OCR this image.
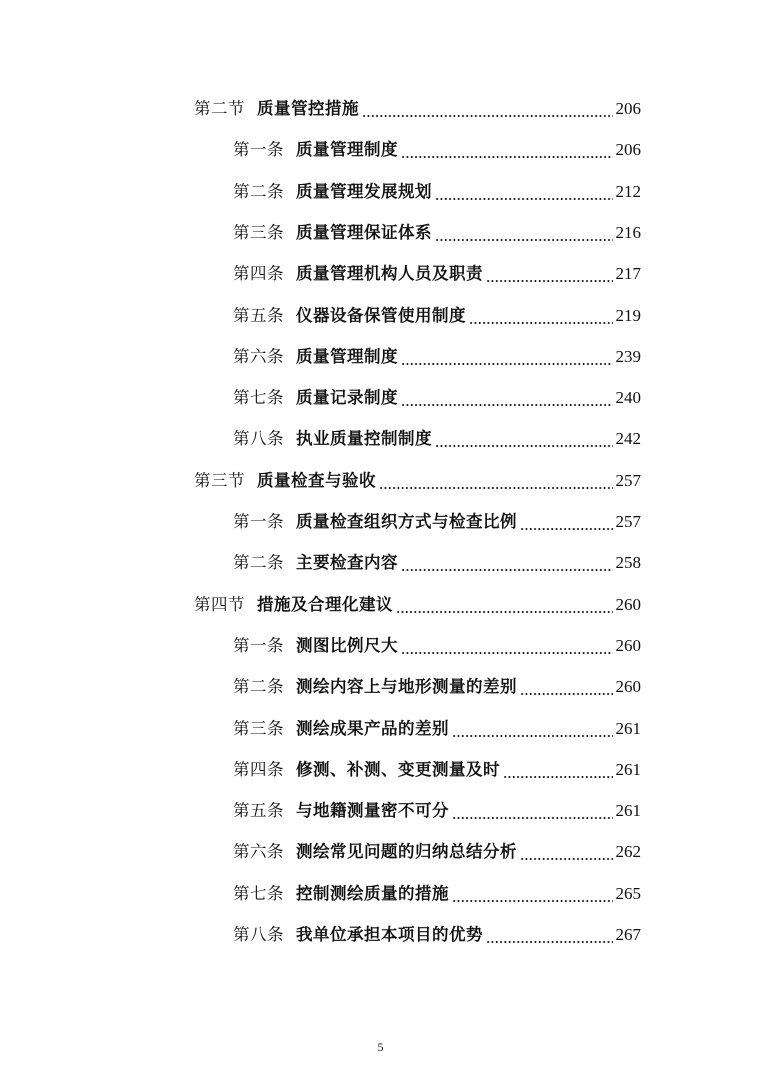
第二节 质量管控措施	206
第一条 质量管理制度	206
第二条 质量管理发展规划	212
第三条 质量管理保证体系	216
第四条 质量管理机构人员及职责	217
第五条 仪器设备保管使用制度	219
第六条 质量管理制度	239
第七条 质量记录制度	240
第八条 执业质量控制制度	242
第三节 质量检查与验收	257
第一条 质量检查组织方式与检查比例	257
第二条 主要检查内容	258
第四节 措施及合理化建议	260
第一条 测图比例尺大	260
第二条 测绘内容上与地形测量的差别	260
第三条 测绘成果产品的差别	261
第四条 修测、补测、变更测量及时	261
第五条 与地籍测量密不可分	261
第六条 测绘常见问题的归纳总结分析	262
第七条 控制测绘质量的措施	265
第八条 我单位承担本项目的优势	267
5
